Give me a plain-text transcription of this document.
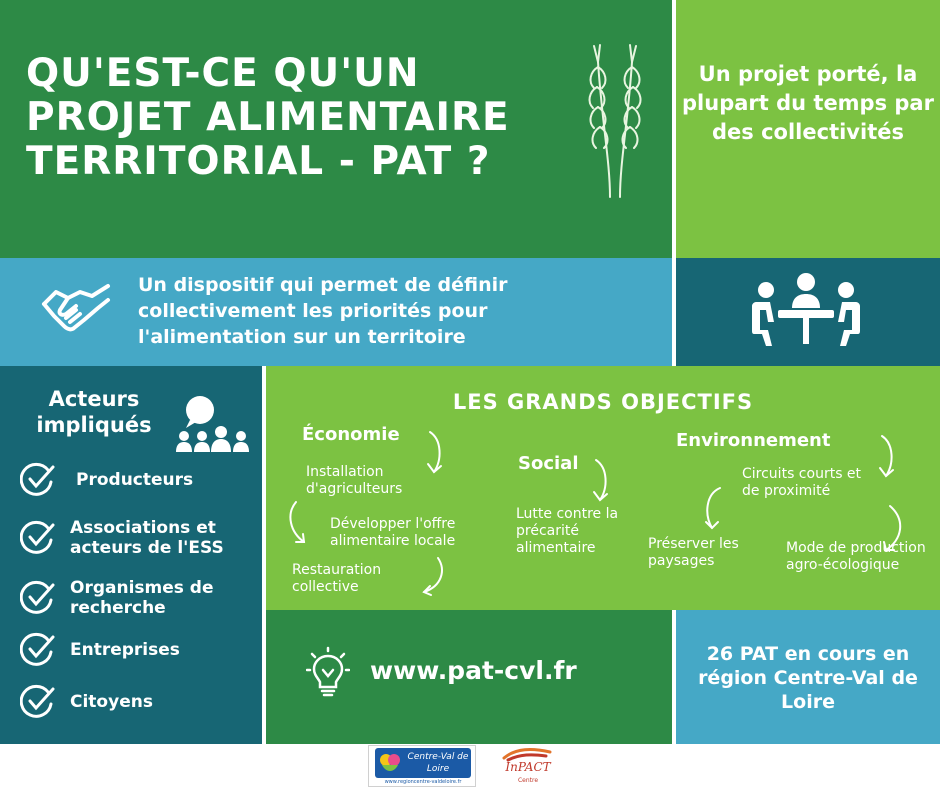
QU'EST-CE QU'UN
PROJET ALIMENTAIRE
TERRITORIAL - PAT ?
Un projet porté, la plupart du temps par des collectivités
Un dispositif qui permet de définir collectivement les priorités pour l'alimentation sur un territoire
Acteurs impliqués
Producteurs
Associations et acteurs de l'ESS
Organismes de recherche
Entreprises
Citoyens
LES GRANDS OBJECTIFS
Économie
Installation d'agriculteurs
Développer l'offre alimentaire locale
Restauration collective
Social
Lutte contre la précarité alimentaire
Environnement
Circuits courts et de proximité
Préserver les paysages
Mode de production agro-écologique
www.pat-cvl.fr
26 PAT en cours en région Centre-Val de Loire
Centre-Val de Loire
www.regioncentre-valdeloire.fr
InPACT
Centre
